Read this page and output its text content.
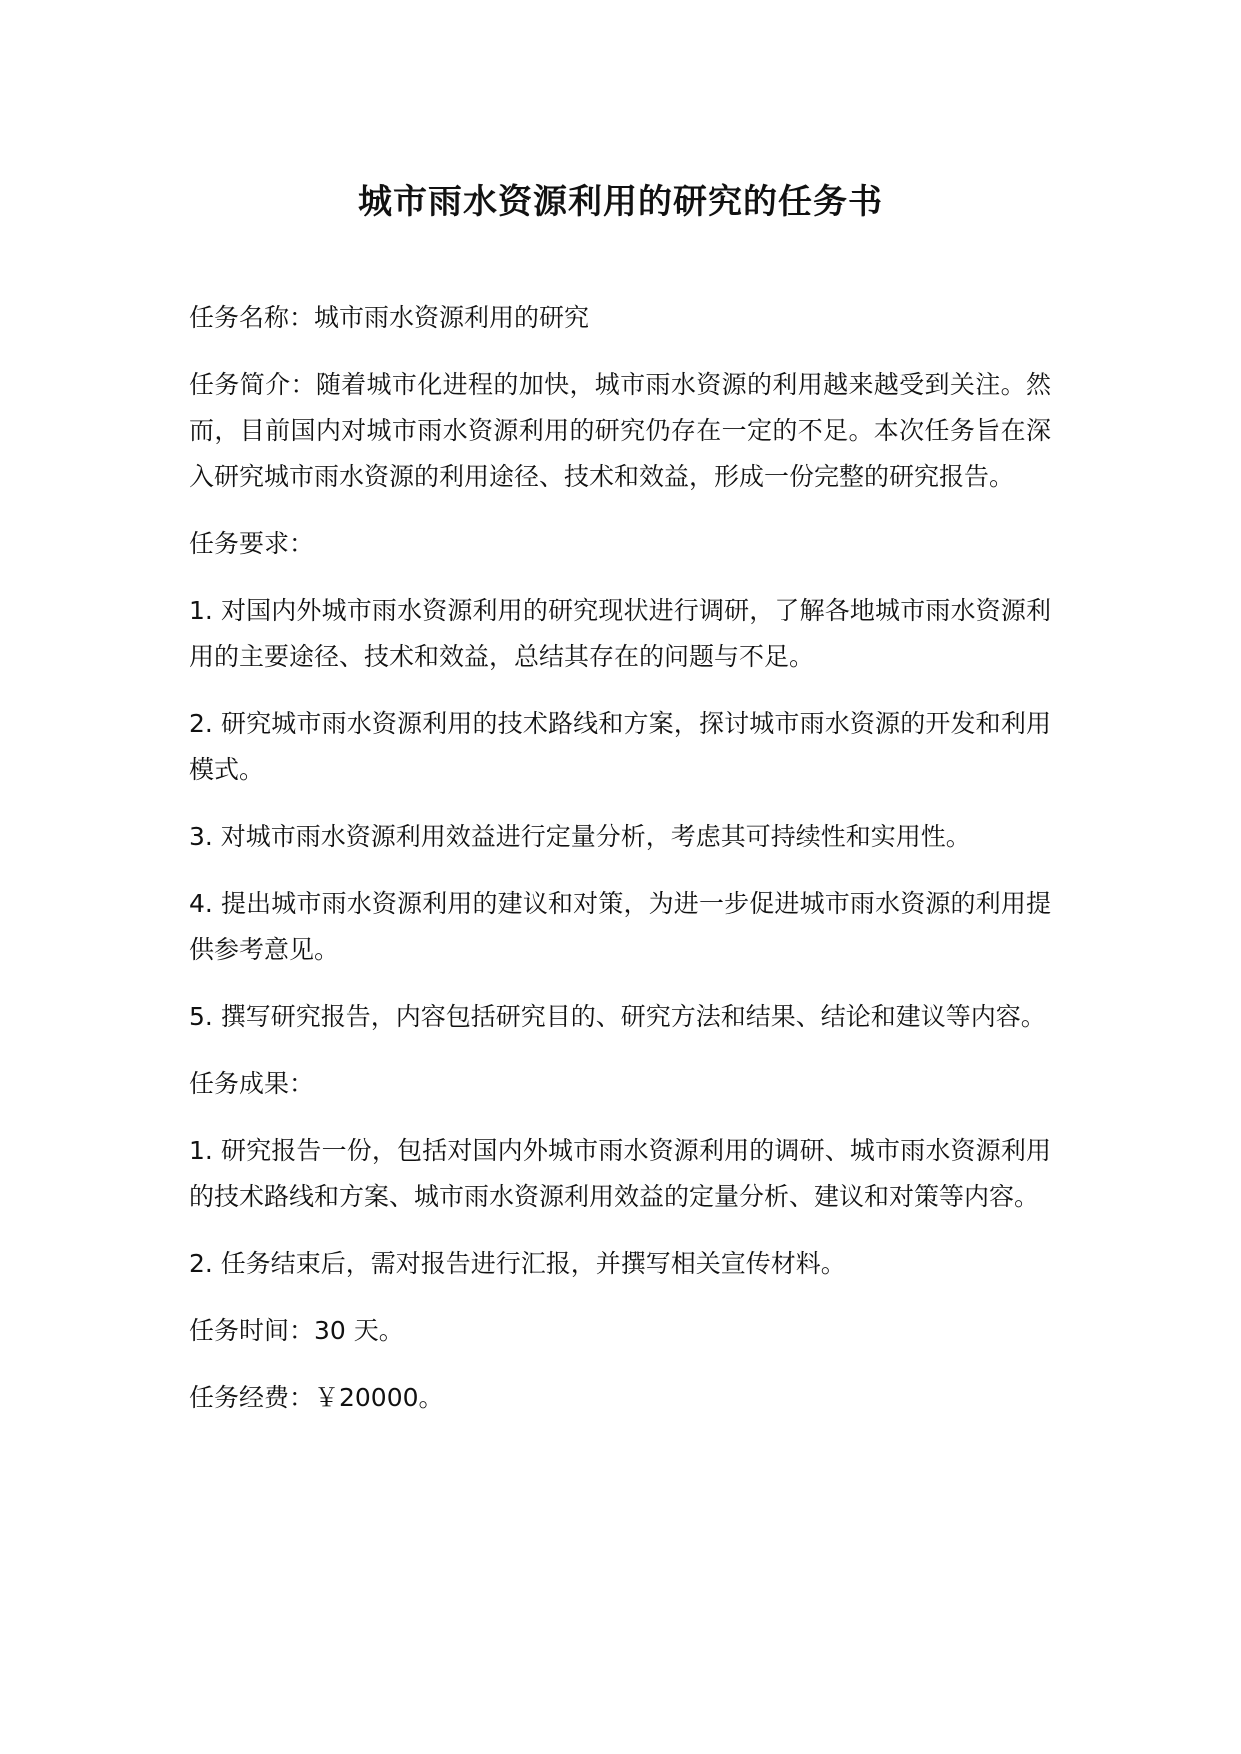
城市雨水资源利用的研究的任务书

任务名称：城市雨水资源利用的研究

任务简介：随着城市化进程的加快，城市雨水资源的利用越来越受到关注。然而，目前国内对城市雨水资源利用的研究仍存在一定的不足。本次任务旨在深入研究城市雨水资源的利用途径、技术和效益，形成一份完整的研究报告。

任务要求：

1. 对国内外城市雨水资源利用的研究现状进行调研，了解各地城市雨水资源利用的主要途径、技术和效益，总结其存在的问题与不足。

2. 研究城市雨水资源利用的技术路线和方案，探讨城市雨水资源的开发和利用模式。

3. 对城市雨水资源利用效益进行定量分析，考虑其可持续性和实用性。

4. 提出城市雨水资源利用的建议和对策，为进一步促进城市雨水资源的利用提供参考意见。

5. 撰写研究报告，内容包括研究目的、研究方法和结果、结论和建议等内容。

任务成果：

1. 研究报告一份，包括对国内外城市雨水资源利用的调研、城市雨水资源利用的技术路线和方案、城市雨水资源利用效益的定量分析、建议和对策等内容。

2. 任务结束后，需对报告进行汇报，并撰写相关宣传材料。

任务时间：30 天。

任务经费：￥20000。
